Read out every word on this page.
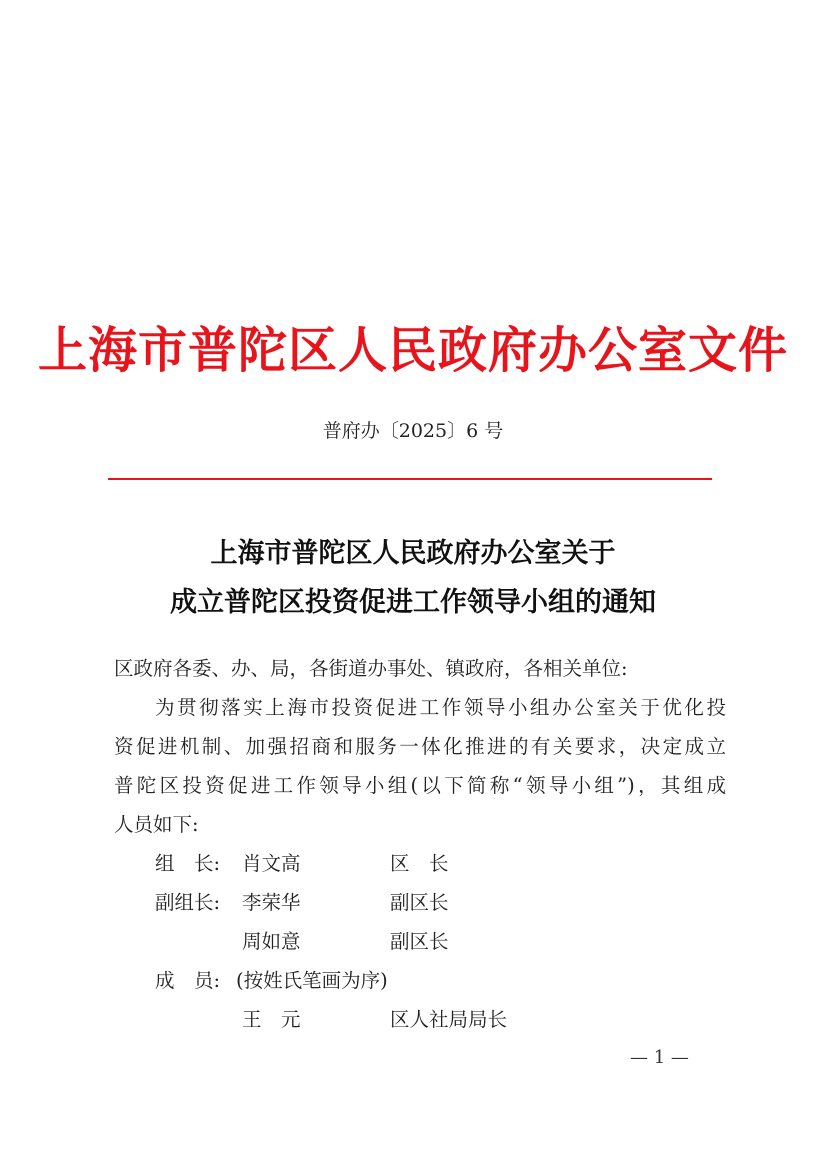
上海市普陀区人民政府办公室文件
普府办〔2025〕6 号
上海市普陀区人民政府办公室关于
成立普陀区投资促进工作领导小组的通知
区政府各委、办、局，各街道办事处、镇政府，各相关单位:
为贯彻落实上海市投资促进工作领导小组办公室关于优化投
资促进机制、加强招商和服务一体化推进的有关要求，决定成立
普陀区投资促进工作领导小组(以下简称“领导小组”)，其组成
人员如下:
组　长: 肖文高	区　长
副组长: 李荣华	副区长
周如意	副区长
成　员: (按姓氏笔画为序)
王　元	区人社局局长
— 1 —
